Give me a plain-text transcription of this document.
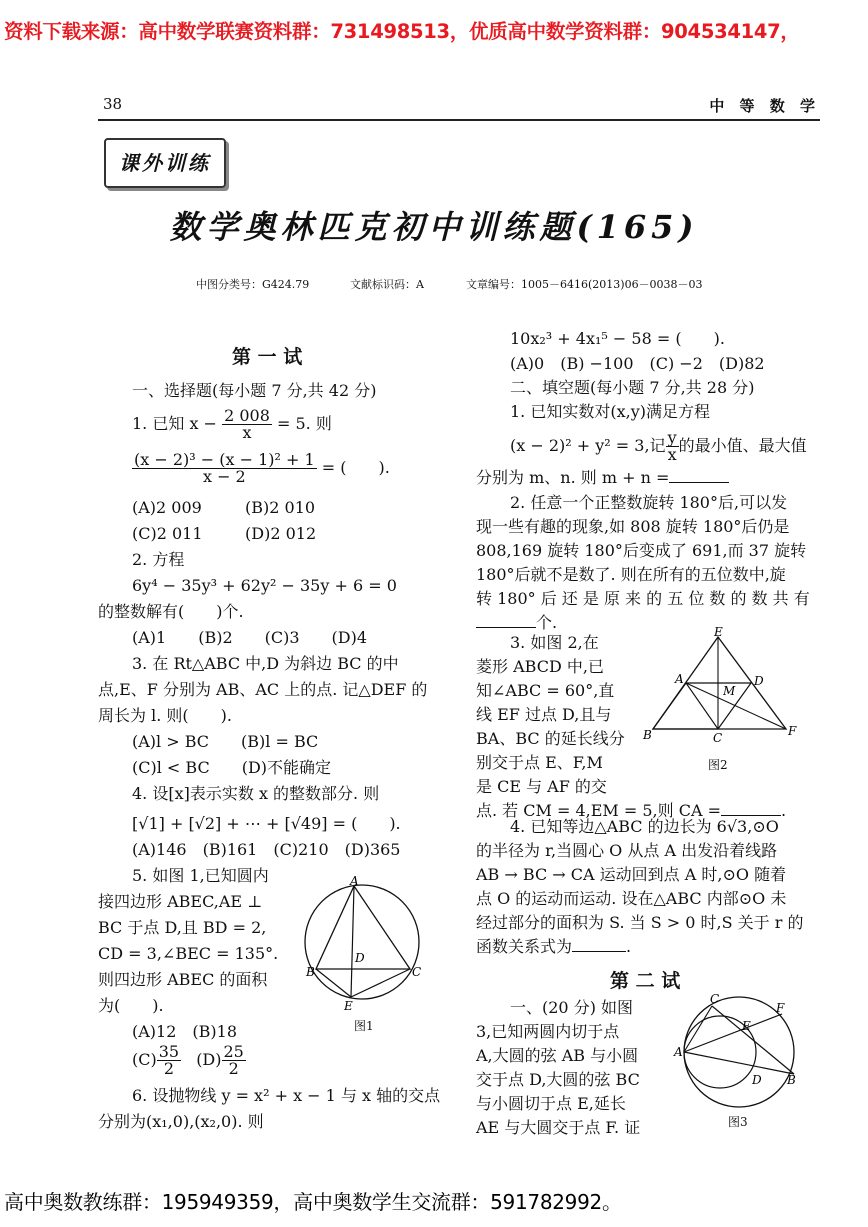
资料下载来源：高中数学联赛资料群：731498513，优质高中数学资料群：904534147，
38	中 等 数 学
课外训练
数学奥林匹克初中训练题(165)
中图分类号：G424.79	文献标识码：A	文章编号：1005－6416(2013)06－0038－03
第 一 试
一、选择题(每小题 7 分,共 42 分)
1. 已知 $x - \frac{2 008}{x} = 5$. 则
$\frac{\text{(x − 2)³ − (x − 1)² + 1}}{x - 2}$ = (　　).
(A)2 009	(B)2 010
(C)2 011	(D)2 012
2. 方程
6y⁴ − 35y³ + 62y² − 35y + 6 = 0
的整数解有(　　)个.
(A)1　　(B)2　　(C)3　　(D)4
3. 在 Rt△ABC 中,D 为斜边 BC 的中
点,E、F 分别为 AB、AC 上的点. 记△DEF 的
周长为 l. 则(　　).
(A)l > BC　　(B)l = BC
(C)l < BC　　(D)不能确定
4. 设[x]表示实数 x 的整数部分. 则
[√1] + [√2] + ⋯ + [√49] = (　　).
(A)146　(B)161　(C)210　(D)365
5. 如图 1,已知圆内
接四边形 ABEC,AE ⊥
BC 于点 D,且 BD = 2,
CD = 3,∠BEC = 135°.
则四边形 ABEC 的面积
为(　　).
(A)12　(B)18
$(C) \frac{35}{2} (D) \frac{25}{2}$
6. 设抛物线 y = x² + x − 1 与 x 轴的交点
分别为(x₁,0),(x₂,0). 则
A
B	C
D
E
图1
10x₂³ + 4x₁⁵ − 58 = (　　).
(A)0　(B) −100　(C) −2　(D)82
二、填空题(每小题 7 分,共 28 分)
1. 已知实数对(x,y)满足方程
(x − 2)² + y² = 3,记 $\frac{y}{x}$ 的最小值、最大值
分别为 m、n. 则 m + n =
2. 任意一个正整数旋转 180°后,可以发
现一些有趣的现象,如 808 旋转 180°后仍是
808,169 旋转 180°后变成了 691,而 37 旋转
180°后就不是数了. 则在所有的五位数中,旋
转 180° 后 还 是 原 来 的 五 位 数 的 数 共 有
个.
3. 如图 2,在
菱形 ABCD 中,已
知∠ABC = 60°,直
线 EF 过点 D,且与
BA、BC 的延长线分
别交于点 E、F,M
是 CE 与 AF 的交
点. 若 CM = 4,EM = 5,则 CA =	.
E
A	D
M
B	C	F
图2
4. 已知等边△ABC 的边长为 6√3,⊙O
的半径为 r,当圆心 O 从点 A 出发沿着线路
AB → BC → CA 运动回到点 A 时,⊙O 随着
点 O 的运动而运动. 设在△ABC 内部⊙O 未
经过部分的面积为 S. 当 S > 0 时,S 关于 r 的
函数关系式为	.
第 二 试
一、(20 分) 如图
3,已知两圆内切于点
A,大圆的弦 AB 与小圆
交于点 D,大圆的弦 BC
与小圆切于点 E,延长
AE 与大圆交于点 F. 证
C
F
E
A
D B
图3
高中奥数教练群：195949359，高中奥数学生交流群：591782992。
